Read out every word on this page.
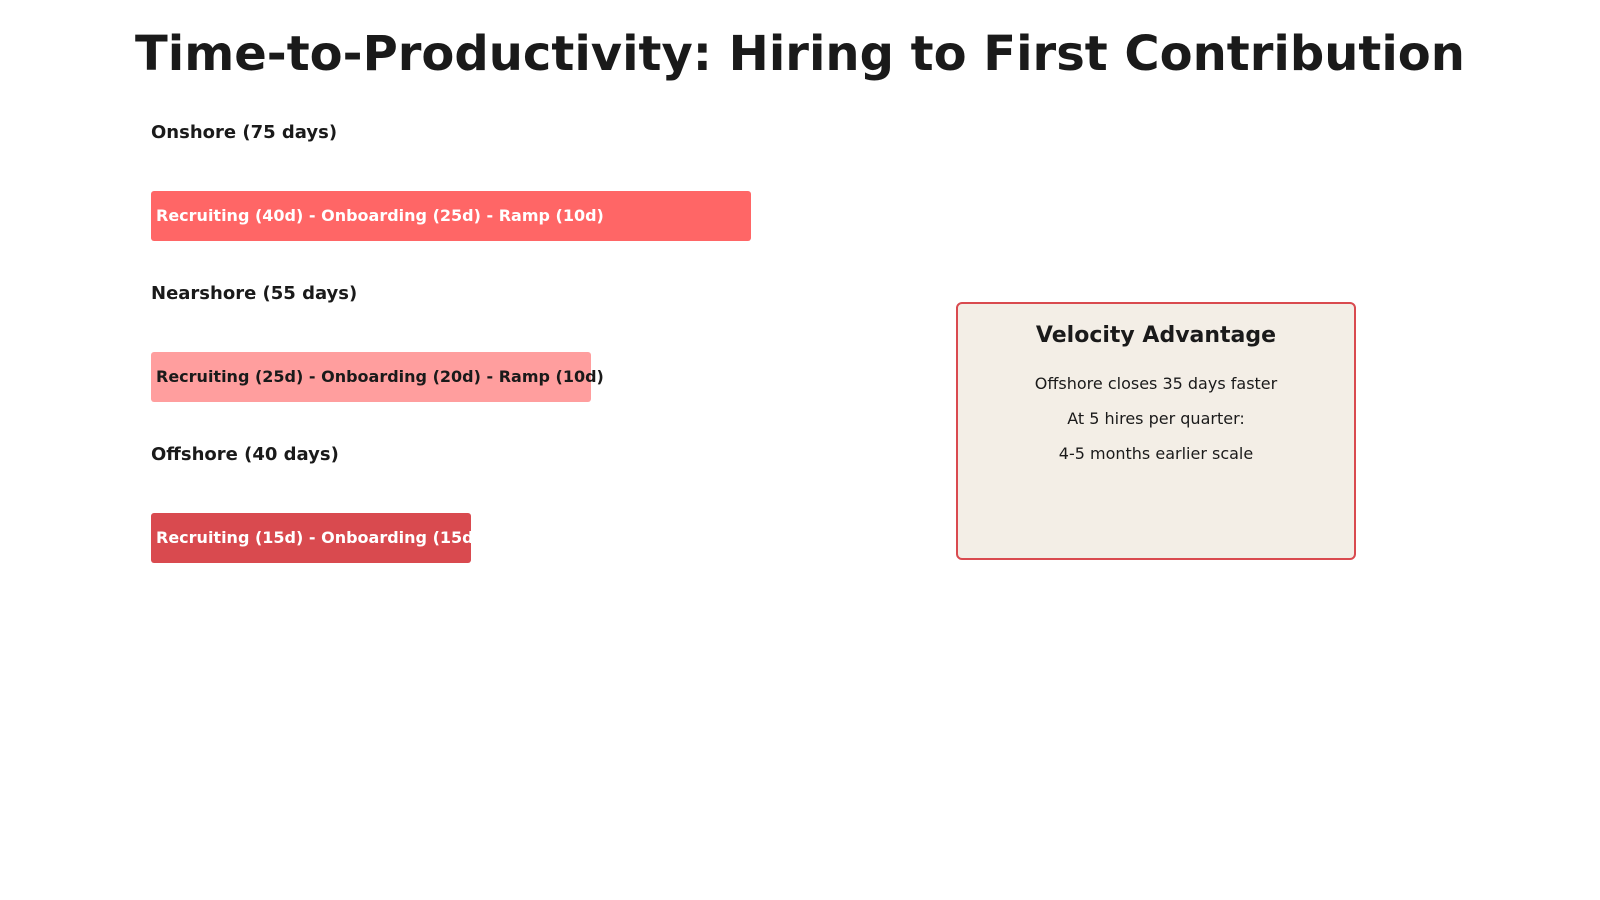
Time-to-Productivity: Hiring to First Contribution
Onshore (75 days)
Recruiting (40d) - Onboarding (25d) - Ramp (10d)
Nearshore (55 days)
Recruiting (25d) - Onboarding (20d) - Ramp (10d)
Offshore (40 days)
Recruiting (15d) - Onboarding (15d) - Ramp (10d)
Velocity Advantage
Offshore closes 35 days faster
At 5 hires per quarter:
4-5 months earlier scale
